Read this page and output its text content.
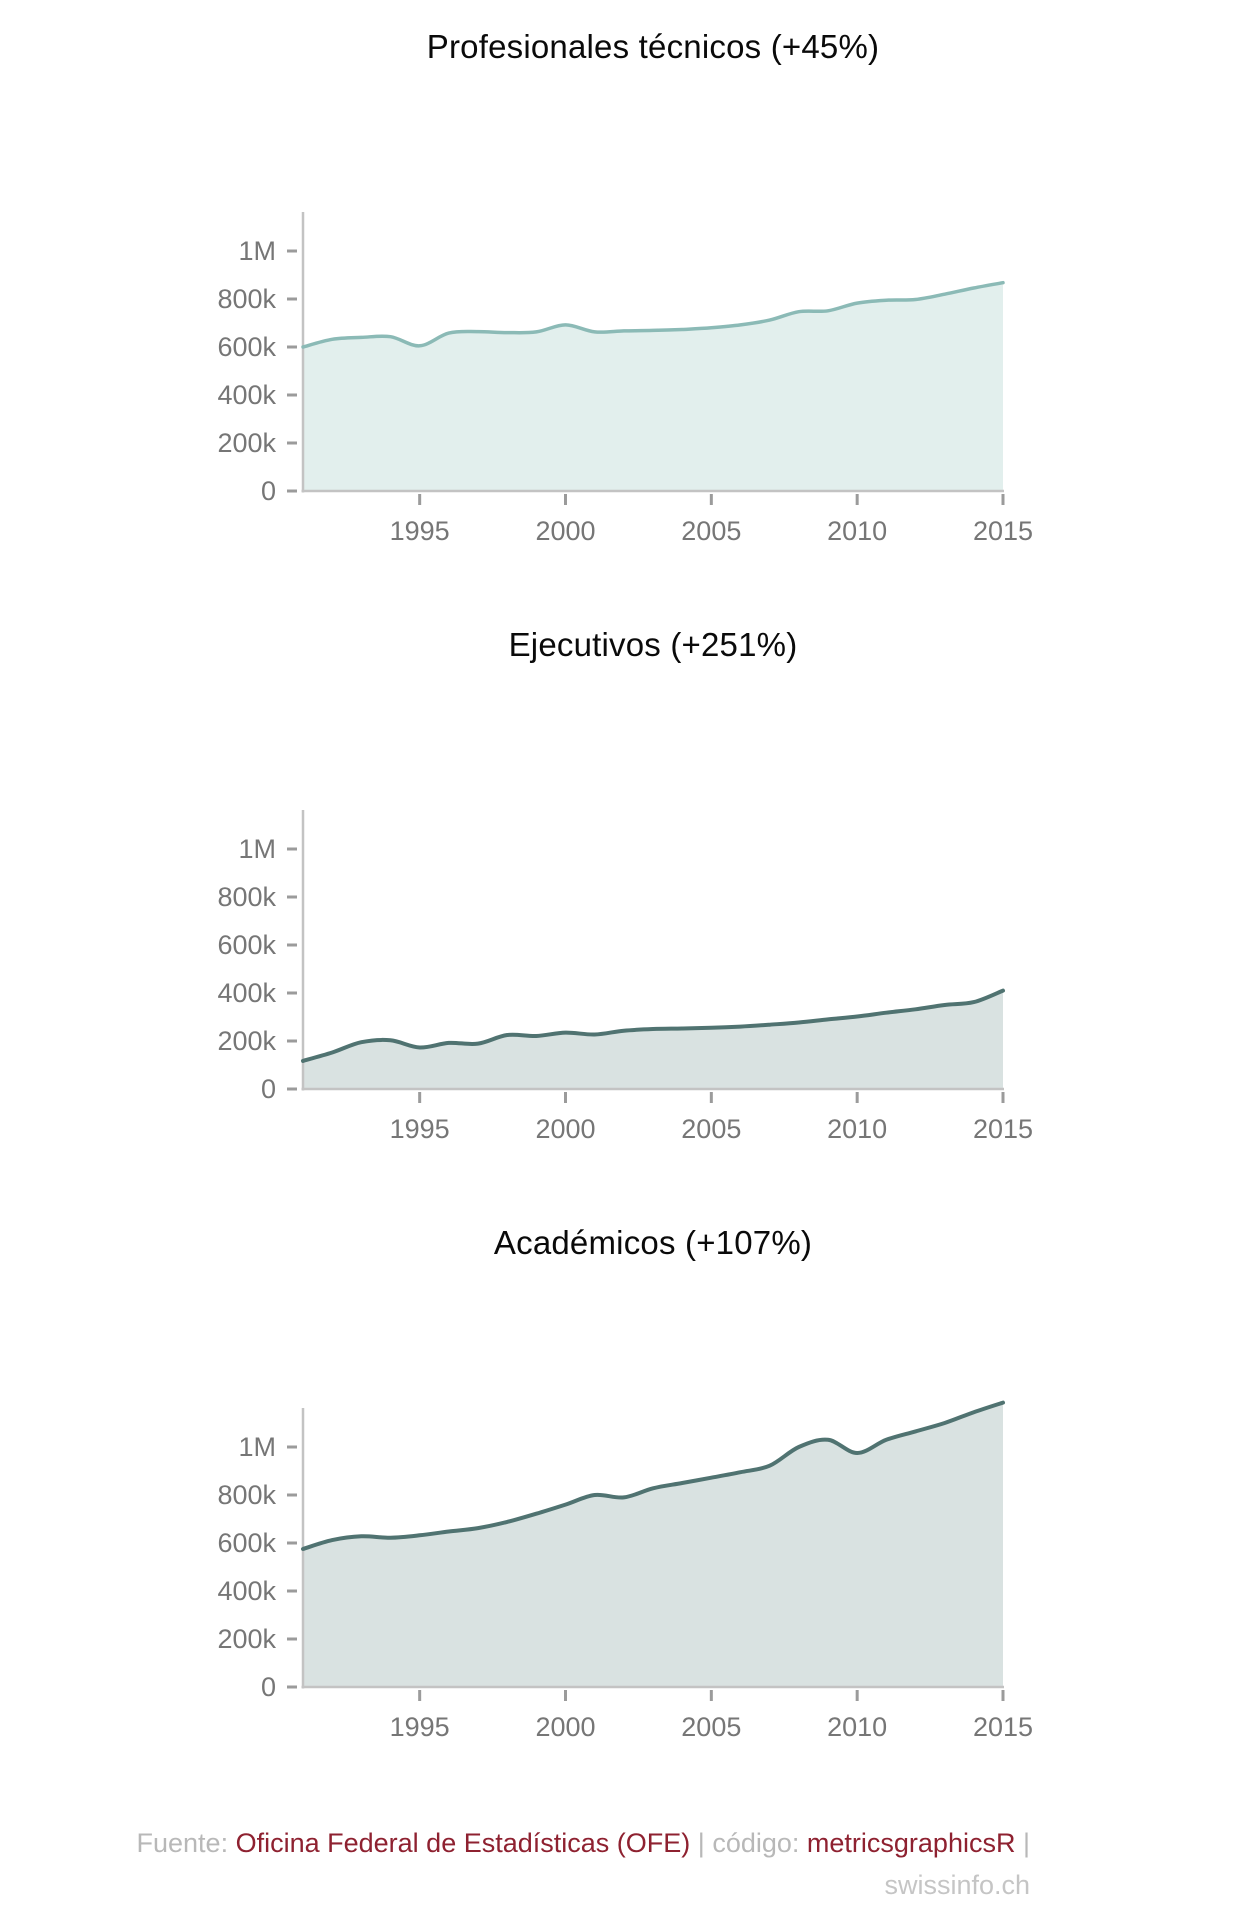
Profesionales técnicos (+45%)
1M
800k
600k
400k
200k
0
1995	2000	2005	2010	2015
Ejecutivos (+251%)
1M
800k
600k
400k
200k
0
1995	2000	2005	2010	2015
Académicos (+107%)
1M
800k
600k
400k
200k
0
1995	2000	2005	2010	2015
Fuente: Oficina Federal de Estadísticas (OFE) | código: metricsgraphicsR |
swissinfo.ch
